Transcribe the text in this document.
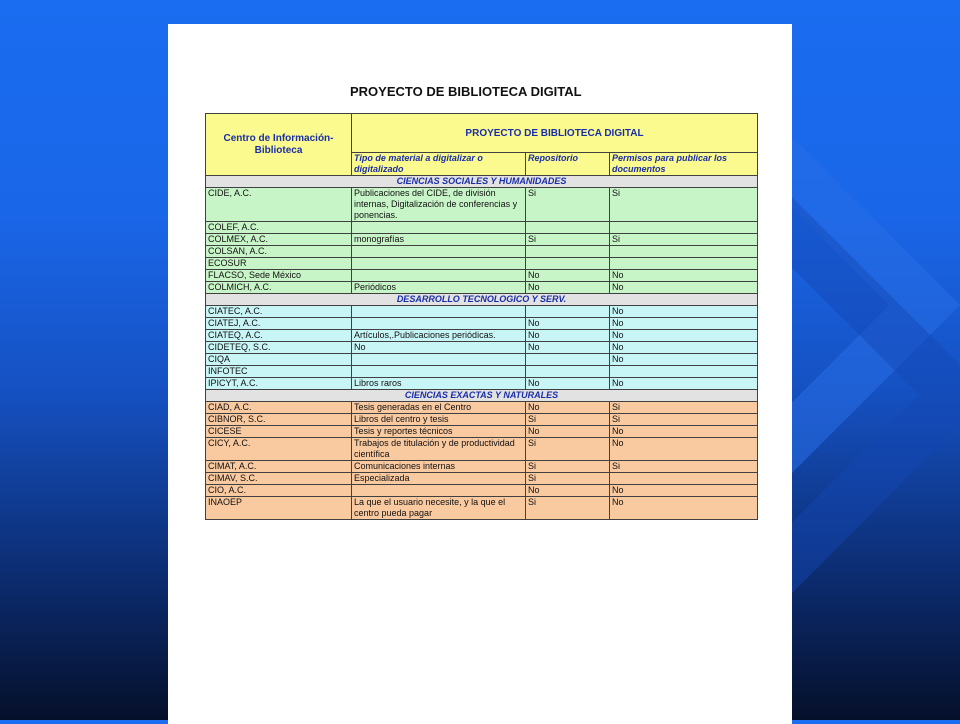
PROYECTO DE BIBLIOTECA DIGITAL
Centro de Información-Biblioteca	PROYECTO DE BIBLIOTECA DIGITAL		
	Tipo de material a digitalizar o digitalizado	Repositorio	Permisos para publicar los documentos
CIENCIAS SOCIALES Y HUMANIDADES			
CIDE, A.C.	Publicaciones del CIDE, de división internas, Digitalización de conferencias y ponencias.	Si	Si
COLEF, A.C.			
COLMEX, A.C.	monografías	Si	Si
COLSAN, A.C.			
ECOSUR			
FLACSO, Sede México		No	No
COLMICH, A.C.	Periódicos	No	No
DESARROLLO TECNOLOGICO Y SERV.			
CIATEC, A.C.			No
CIATEJ, A.C.		No	No
CIATEQ, A.C.	Artículos,.Publicaciones periódicas.	No	No
CIDETEQ, S.C.	No	No	No
CIQA			No
INFOTEC			
IPICYT, A.C.	Libros raros	No	No
CIENCIAS EXACTAS Y NATURALES			
CIAD, A.C.	Tesis generadas en el Centro	No	Si
CIBNOR, S.C.	Libros del centro y tesis	Si	Si
CICESE	Tesis y reportes técnicos	No	No
CICY, A.C.	Trabajos de titulación y de productividad científica	Si	No
CIMAT, A.C.	Comunicaciones internas	Si	Si
CIMAV, S.C.	Especializada	Si	
CIO, A.C.		No	No
INAOEP	La que el usuario necesite, y la que el centro pueda pagar	Si	No
